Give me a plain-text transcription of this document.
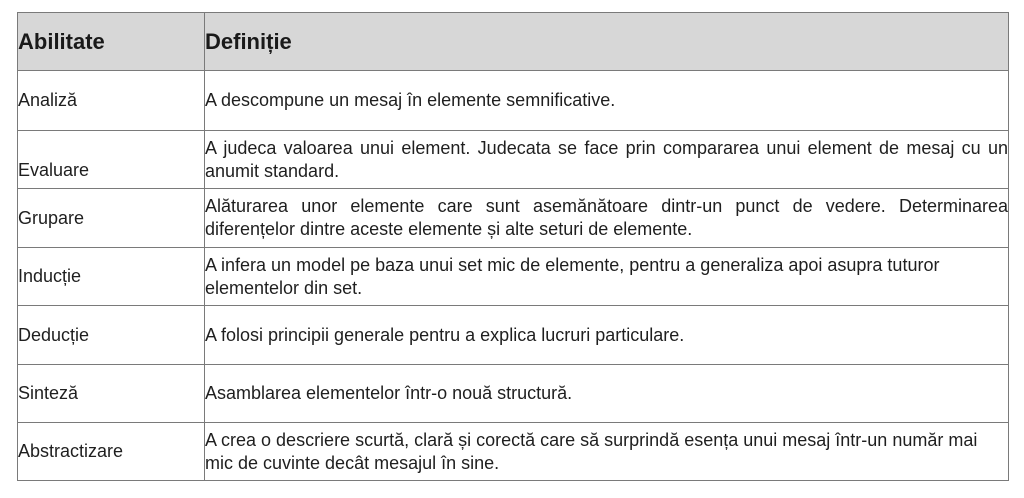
Abilitate	Definiție
Analiză	A descompune un mesaj în elemente semnificative.
Evaluare	A judeca valoarea unui element. Judecata se face prin compararea unui element de mesaj cu un anumit standard.
Grupare	Alăturarea unor elemente care sunt asemănătoare dintr-un punct de vedere. Determinarea diferențelor dintre aceste elemente și alte seturi de elemente.
Inducție	A infera un model pe baza unui set mic de elemente, pentru a generaliza apoi asupra tuturor elementelor din set.
Deducție	A folosi principii generale pentru a explica lucruri particulare.
Sinteză	Asamblarea elementelor într-o nouă structură.
Abstractizare	A crea o descriere scurtă, clară și corectă care să surprindă esența unui mesaj într-un număr mai mic de cuvinte decât mesajul în sine.
